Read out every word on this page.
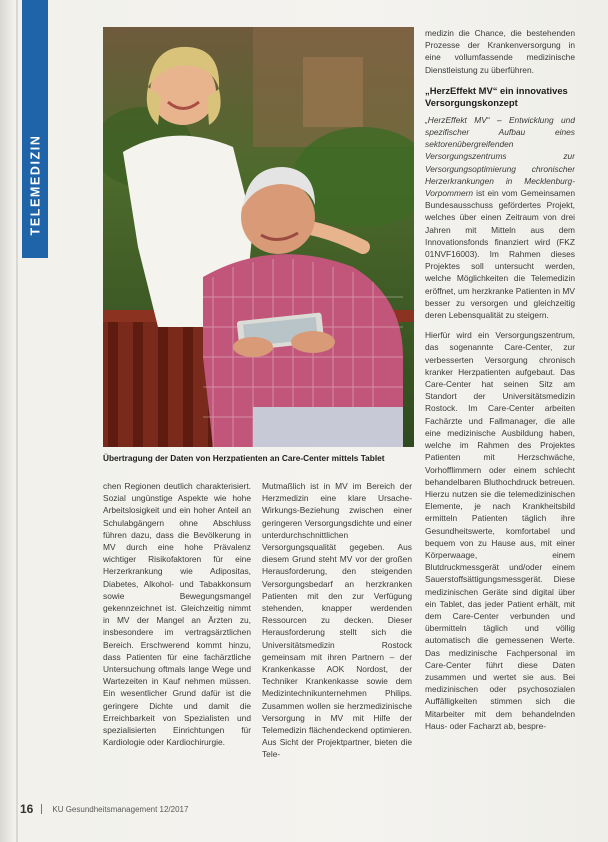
TELEMEDIZIN
Übertragung der Daten von Herzpatienten an Care-Center mittels Tablet

chen Regionen deutlich charakterisiert. Sozial ungünstige Aspekte wie hohe Arbeitslosigkeit und ein hoher Anteil an Schulabgängern ohne Abschluss führen dazu, dass die Bevölkerung in MV durch eine hohe Prävalenz wichtiger Risikofaktoren für eine Herzerkrankung wie Adipositas, Diabetes, Alkohol- und Tabakkonsum sowie Bewegungsmangel gekennzeichnet ist. Gleichzeitig nimmt in MV der Mangel an Ärzten zu, insbesondere im vertragsärztlichen Bereich. Erschwerend kommt hinzu, dass Patienten für eine fachärztliche Untersuchung oftmals lange Wege und Wartezeiten in Kauf nehmen müssen. Ein wesentlicher Grund dafür ist die geringere Dichte und damit die Erreichbarkeit von Spezialisten und spezialisierten Einrichtungen für Kardiologie oder Kardiochirurgie.

Mutmaßlich ist in MV im Bereich der Herzmedizin eine klare Ursache-Wirkungs-Beziehung zwischen einer geringeren Versorgungsdichte und einer unterdurchschnittlichen Versorgungsqualität gegeben. Aus diesem Grund steht MV vor der großen Herausforderung, den steigenden Versorgungsbedarf an herzkranken Patienten mit den zur Verfügung stehenden, knapper werdenden Ressourcen zu decken. Dieser Herausforderung stellt sich die Universitätsmedizin Rostock gemeinsam mit ihren Partnern – der Krankenkasse AOK Nordost, der Techniker Krankenkasse sowie dem Medizintechnikunternehmen Philips. Zusammen wollen sie herzmedizinische Versorgung in MV mit Hilfe der Telemedizin flächendeckend optimieren. Aus Sicht der Projektpartner, bieten die Tele-

medizin die Chance, die bestehenden Prozesse der Krankenversorgung in eine vollumfassende medizinische Dienstleistung zu überführen.

„HerzEffekt MV“ ein innovatives Versorgungskonzept

„HerzEffekt MV“ – Entwicklung und spezifischer Aufbau eines sektorenübergreifenden Versorgungszentrums zur Versorgungsoptimierung chronischer Herzerkrankungen in Mecklenburg-Vorpommern ist ein vom Gemeinsamen Bundesausschuss gefördertes Projekt, welches über einen Zeitraum von drei Jahren mit Mitteln aus dem Innovationsfonds finanziert wird (FKZ 01NVF16003). Im Rahmen dieses Projektes soll untersucht werden, welche Möglichkeiten die Telemedizin eröffnet, um herzkranke Patienten in MV besser zu versorgen und gleichzeitig deren Lebensqualität zu steigern.

Hierfür wird ein Versorgungszentrum, das sogenannte Care-Center, zur verbesserten Versorgung chronisch kranker Herzpatienten aufgebaut. Das Care-Center hat seinen Sitz am Standort der Universitätsmedizin Rostock. Im Care-Center arbeiten Fachärzte und Fallmanager, die alle eine medizinische Ausbildung haben, welche im Rahmen des Projektes Patienten mit Herzschwäche, Vorhofflimmern oder einem schlecht behandelbaren Bluthochdruck betreuen. Hierzu nutzen sie die telemedizinischen Elemente, je nach Krankheitsbild ermitteln Patienten täglich ihre Gesundheitswerte, komfortabel und bequem von zu Hause aus, mit einer Körperwaage, einem Blutdruckmessgerät und/oder einem Sauerstoffsättigungsmessgerät. Diese medizinischen Geräte sind digital über ein Tablet, das jeder Patient erhält, mit dem Care-Center verbunden und übermitteln täglich und völlig automatisch die gemessenen Werte. Das medizinische Fachpersonal im Care-Center führt diese Daten zusammen und wertet sie aus. Bei medizinischen oder psychosozialen Auffälligkeiten stimmen sich die Mitarbeiter mit dem behandelnden Haus- oder Facharzt ab, bespre-

16 KU Gesundheitsmanagement 12/2017
